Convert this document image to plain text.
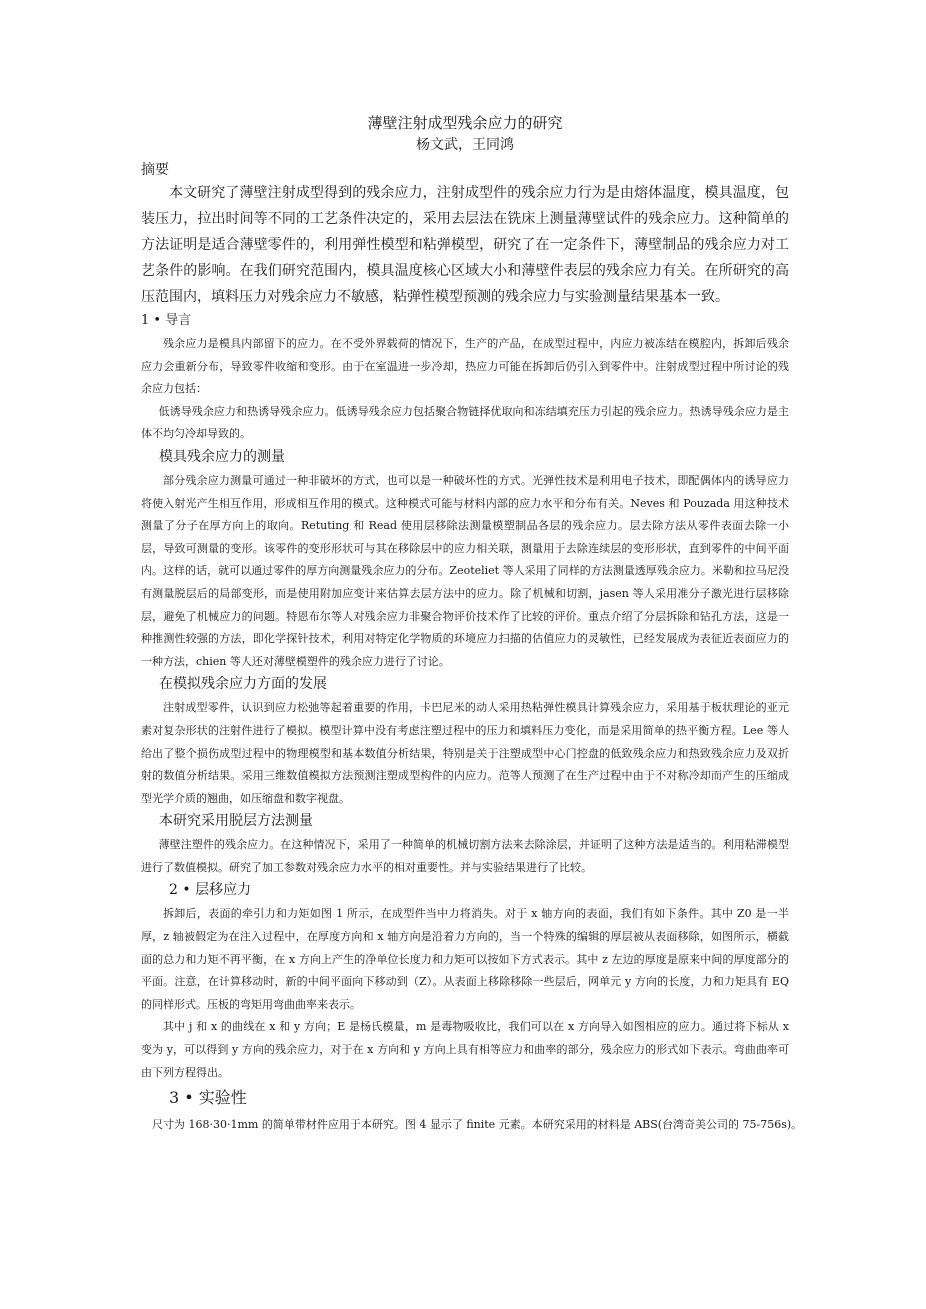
薄壁注射成型残余应力的研究

杨文武，王同鸿

摘要

本文研究了薄壁注射成型得到的残余应力，注射成型件的残余应力行为是由熔体温度，模具温度，包装压力，拉出时间等不同的工艺条件决定的，采用去层法在铣床上测量薄壁试件的残余应力。这种简单的方法证明是适合薄壁零件的，利用弹性模型和粘弹模型，研究了在一定条件下，薄壁制品的残余应力对工艺条件的影响。在我们研究范围内，模具温度核心区域大小和薄壁件表层的残余应力有关。在所研究的高压范围内，填料压力对残余应力不敏感，粘弹性模型预测的残余应力与实验测量结果基本一致。

1 • 导言

残余应力是模具内部留下的应力。在不受外界载荷的情况下，生产的产品，在成型过程中，内应力被冻结在模腔内，拆卸后残余应力会重新分布，导致零件收缩和变形。由于在室温进一步冷却，热应力可能在拆卸后仍引入到零件中。注射成型过程中所讨论的残余应力包括：

低诱导残余应力和热诱导残余应力。低诱导残余应力包括聚合物链择优取向和冻结填充压力引起的残余应力。热诱导残余应力是主体不均匀冷却导致的。

模具残余应力的测量

部分残余应力测量可通过一种非破坏的方式，也可以是一种破坏性的方式。光弹性技术是利用电子技术，即配偶体内的诱导应力将使入射光产生相互作用，形成相互作用的模式。这种模式可能与材料内部的应力水平和分布有关。Neves 和 Pouzada 用这种技术测量了分子在厚方向上的取向。Retuting 和 Read 使用层移除法测量模塑制品各层的残余应力。层去除方法从零件表面去除一小层，导致可测量的变形。该零件的变形形状可与其在移除层中的应力相关联，测量用于去除连续层的变形形状，直到零件的中间平面内。这样的话，就可以通过零件的厚方向测量残余应力的分布。Zeoteliet 等人采用了同样的方法测量透厚残余应力。米勒和拉马尼没有测量脱层后的局部变形，而是使用附加应变计来估算去层方法中的应力。除了机械和切割，jasen 等人采用准分子激光进行层移除层，避免了机械应力的问题。特恩布尔等人对残余应力非聚合物评价技术作了比较的评价。重点介绍了分层拆除和钻孔方法，这是一种推测性较强的方法，即化学探针技术，利用对特定化学物质的环境应力扫描的估值应力的灵敏性，已经发展成为表征近表面应力的一种方法，chien 等人还对薄壁模塑件的残余应力进行了讨论。

在模拟残余应力方面的发展

注射成型零件，认识到应力松弛等起着重要的作用，卡巴尼米的动人采用热粘弹性模具计算残余应力，采用基于板状理论的亚元素对复杂形状的注射件进行了模拟。模型计算中没有考虑注塑过程中的压力和填料压力变化，而是采用简单的热平衡方程。Lee 等人给出了整个损伤成型过程中的物理模型和基本数值分析结果，特别是关于注塑成型中心门控盘的低致残余应力和热致残余应力及双折射的数值分析结果。采用三维数值模拟方法预测注塑成型构件的内应力。范等人预测了在生产过程中由于不对称冷却而产生的压缩成型光学介质的翘曲，如压缩盘和数字视盘。

本研究采用脱层方法测量

薄壁注塑件的残余应力。在这种情况下，采用了一种简单的机械切割方法来去除涂层，并证明了这种方法是适当的。利用粘滞模型进行了数值模拟。研究了加工参数对残余应力水平的相对重要性。并与实验结果进行了比较。

2 • 层移应力

拆卸后，表面的牵引力和力矩如图 1 所示，在成型件当中力将消失。对于 x 轴方向的表面，我们有如下条件。其中 Z0 是一半厚，z 轴被假定为在注入过程中，在厚度方向和 x 轴方向是沿着力方向的，当一个特殊的编辑的厚层被从表面移除，如图所示，横截面的总力和力矩不再平衡，在 x 方向上产生的净单位长度力和力矩可以按如下方式表示。其中 z 左边的厚度是原来中间的厚度部分的平面。注意，在计算移动时，新的中间平面向下移动到（Z）。从表面上移除移除一些层后，网单元 y 方向的长度，力和力矩具有 EQ 的同样形式。压板的弯矩用弯曲曲率来表示。

其中 j 和 x 的曲线在 x 和 y 方向；E 是杨氏模量，m 是毒物吸收比，我们可以在 x 方向导入如图相应的应力。通过将下标从 x 变为 y，可以得到 y 方向的残余应力，对于在 x 方向和 y 方向上具有相等应力和曲率的部分，残余应力的形式如下表示。弯曲曲率可由下列方程得出。

3 • 实验性

尺寸为 168·30·1mm 的简单带材件应用于本研究。图 4 显示了 finite 元素。本研究采用的材料是 ABS(台湾奇美公司的 75-756s)。
